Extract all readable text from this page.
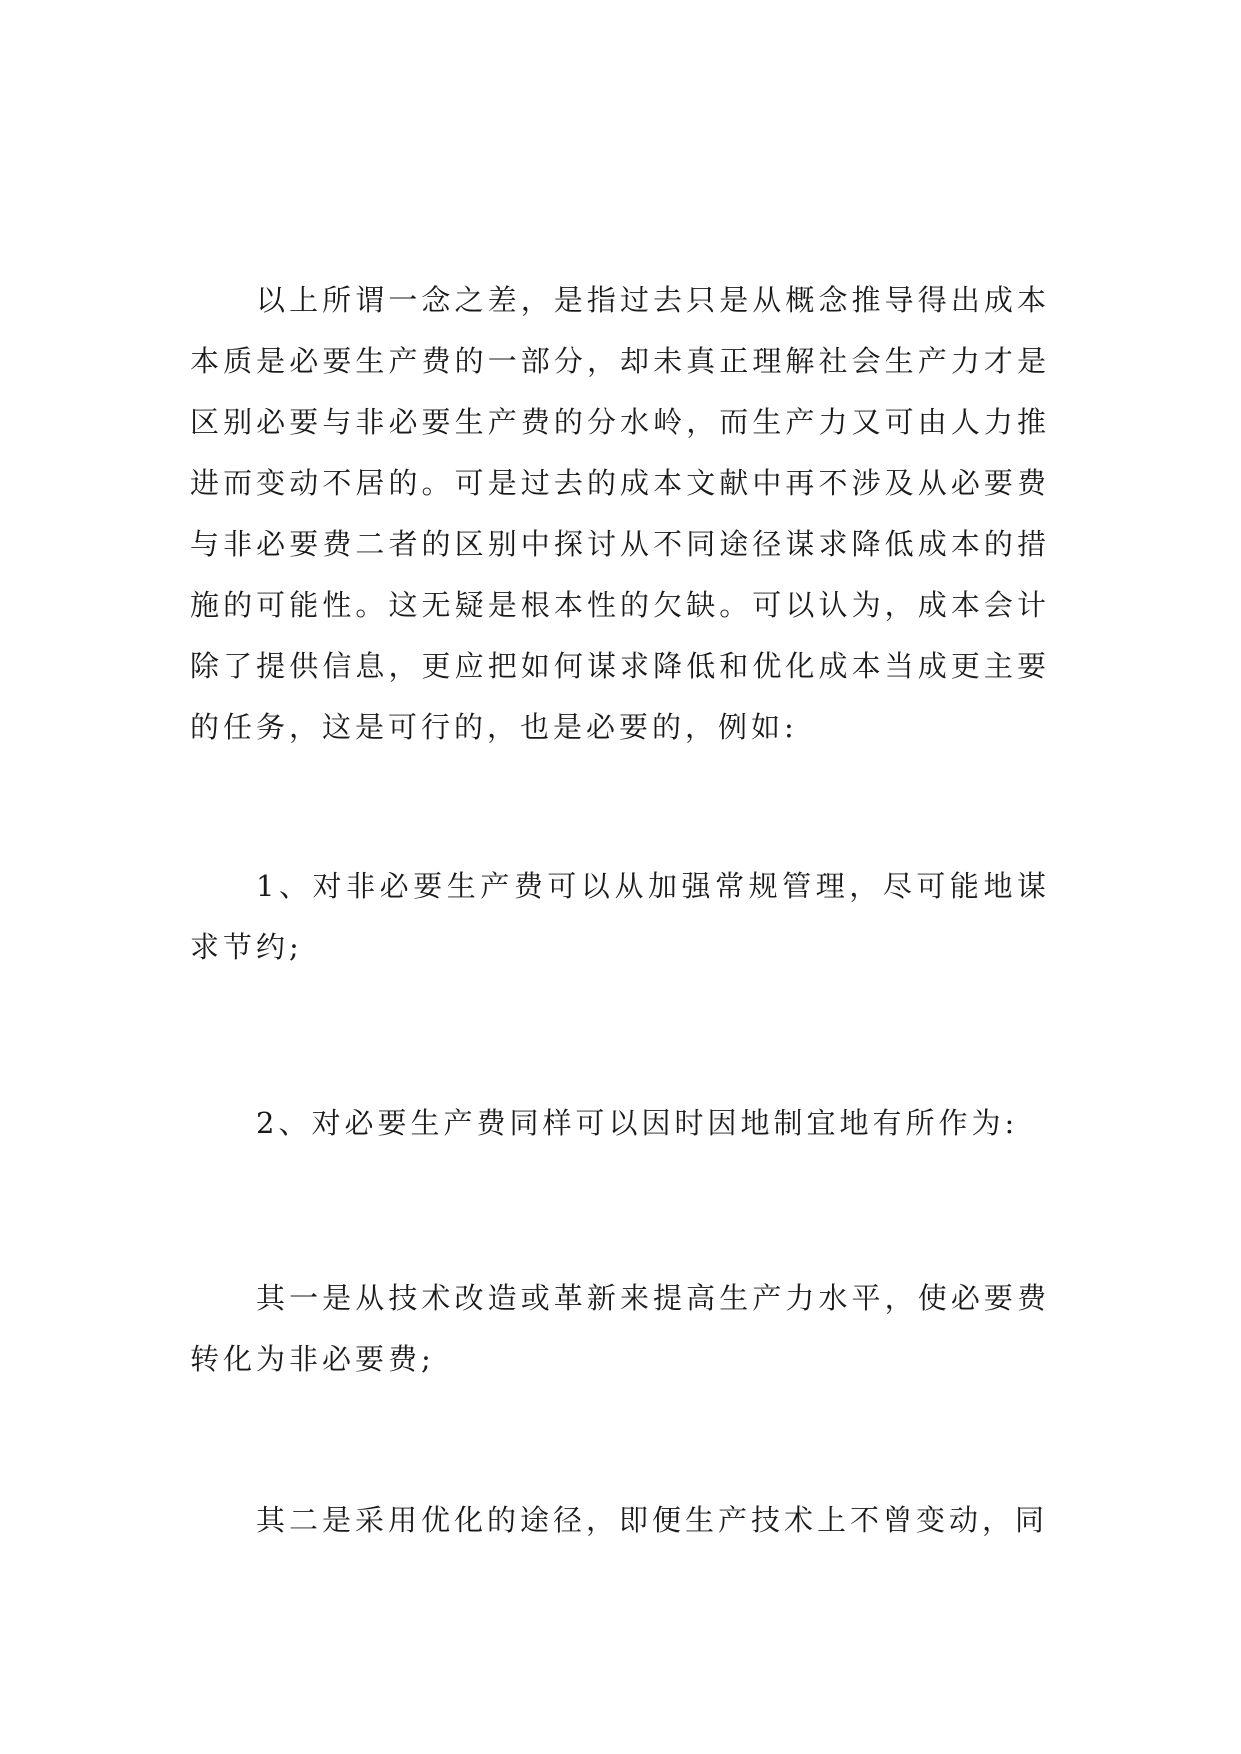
以上所谓一念之差，是指过去只是从概念推导得出成本本质是必要生产费的一部分，却未真正理解社会生产力才是区别必要与非必要生产费的分水岭，而生产力又可由人力推进而变动不居的。可是过去的成本文献中再不涉及从必要费与非必要费二者的区别中探讨从不同途径谋求降低成本的措施的可能性。这无疑是根本性的欠缺。可以认为，成本会计除了提供信息，更应把如何谋求降低和优化成本当成更主要的任务，这是可行的，也是必要的，例如:

1、对非必要生产费可以从加强常规管理，尽可能地谋求节约;

2、对必要生产费同样可以因时因地制宜地有所作为:

其一是从技术改造或革新来提高生产力水平，使必要费转化为非必要费;

其二是采用优化的途径，即便生产技术上不曾变动，同
